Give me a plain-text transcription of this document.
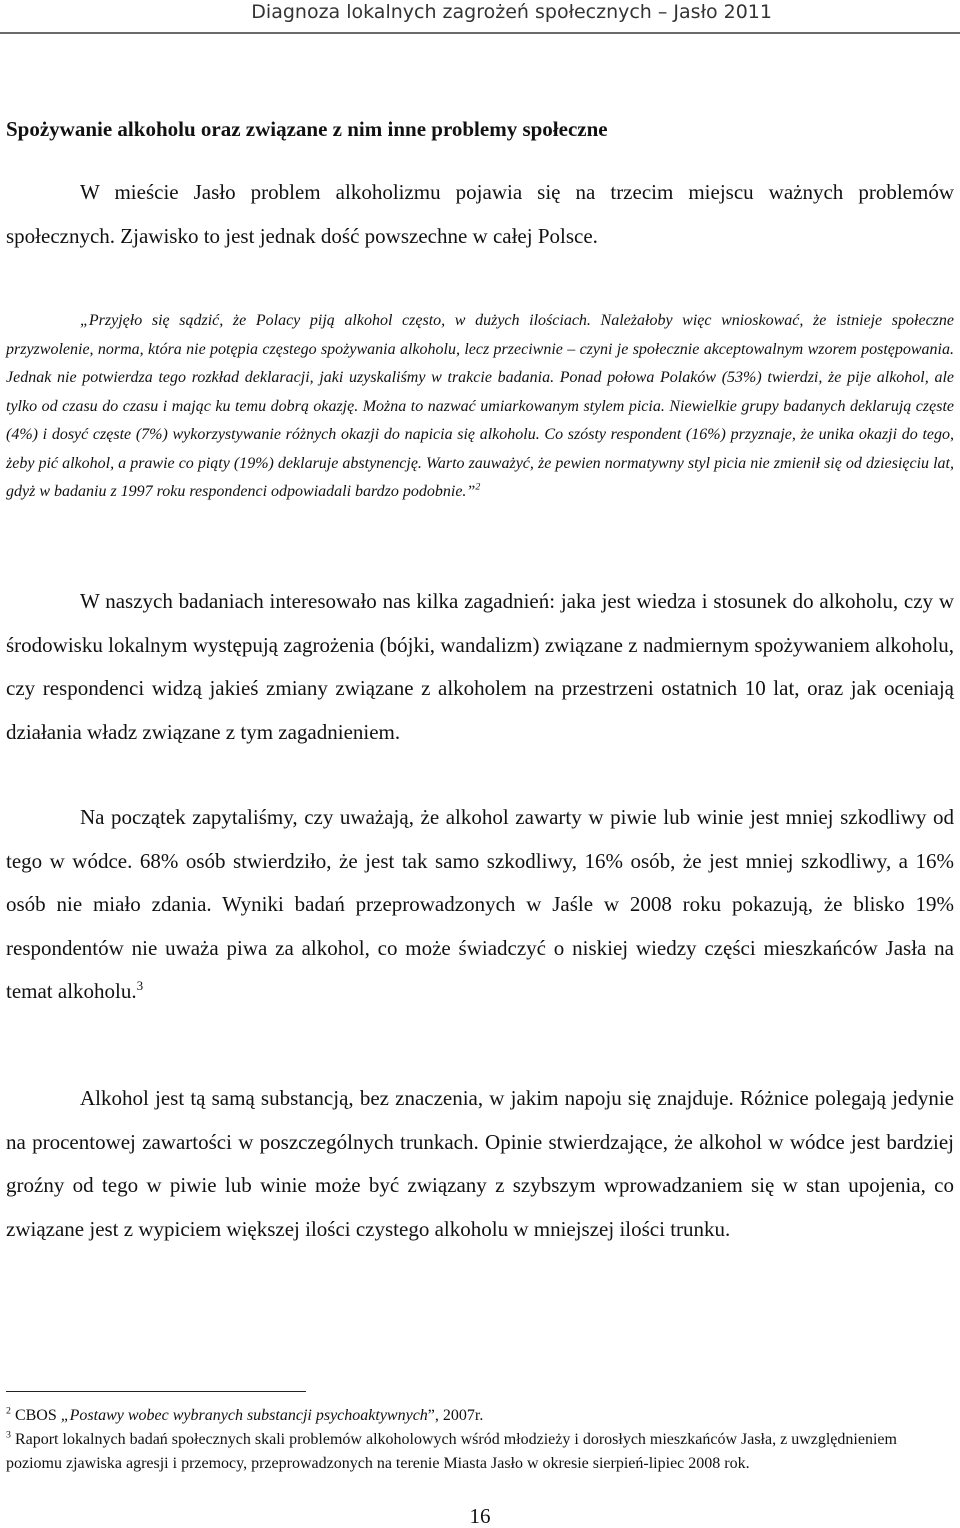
Diagnoza lokalnych zagrożeń społecznych – Jasło 2011
Spożywanie alkoholu oraz związane z nim inne problemy społeczne

W mieście Jasło problem alkoholizmu pojawia się na trzecim miejscu ważnych problemów społecznych. Zjawisko to jest jednak dość powszechne w całej Polsce.

„Przyjęło się sądzić, że Polacy piją alkohol często, w dużych ilościach. Należałoby więc wnioskować, że istnieje społeczne przyzwolenie, norma, która nie potępia częstego spożywania alkoholu, lecz przeciwnie – czyni je społecznie akceptowalnym wzorem postępowania. Jednak nie potwierdza tego rozkład deklaracji, jaki uzyskaliśmy w trakcie badania. Ponad połowa Polaków (53%) twierdzi, że pije alkohol, ale tylko od czasu do czasu i mając ku temu dobrą okazję. Można to nazwać umiarkowanym stylem picia. Niewielkie grupy badanych deklarują częste (4%) i dosyć częste (7%) wykorzystywanie różnych okazji do napicia się alkoholu. Co szósty respondent (16%) przyznaje, że unika okazji do tego, żeby pić alkohol, a prawie co piąty (19%) deklaruje abstynencję. Warto zauważyć, że pewien normatywny styl picia nie zmienił się od dziesięciu lat, gdyż w badaniu z 1997 roku respondenci odpowiadali bardzo podobnie.”$^2$

W naszych badaniach interesowało nas kilka zagadnień: jaka jest wiedza i stosunek do alkoholu, czy w środowisku lokalnym występują zagrożenia (bójki, wandalizm) związane z nadmiernym spożywaniem alkoholu, czy respondenci widzą jakieś zmiany związane z alkoholem na przestrzeni ostatnich 10 lat, oraz jak oceniają działania władz związane z tym zagadnieniem.

Na początek zapytaliśmy, czy uważają, że alkohol zawarty w piwie lub winie jest mniej szkodliwy od tego w wódce. 68% osób stwierdziło, że jest tak samo szkodliwy, 16% osób, że jest mniej szkodliwy, a 16% osób nie miało zdania. Wyniki badań przeprowadzonych w Jaśle w 2008 roku pokazują, że blisko 19% respondentów nie uważa piwa za alkohol, co może świadczyć o niskiej wiedzy części mieszkańców Jasła na temat alkoholu.$^3$

Alkohol jest tą samą substancją, bez znaczenia, w jakim napoju się znajduje. Różnice polegają jedynie na procentowej zawartości w poszczególnych trunkach. Opinie stwierdzające, że alkohol w wódce jest bardziej groźny od tego w piwie lub winie może być związany z szybszym wprowadzaniem się w stan upojenia, co związane jest z wypiciem większej ilości czystego alkoholu w mniejszej ilości trunku.

$^2$ CBOS „Postawy wobec wybranych substancji psychoaktywnych”, 2007r.

$^3$ Raport lokalnych badań społecznych skali problemów alkoholowych wśród młodzieży i dorosłych mieszkańców Jasła, z uwzględnieniem poziomu zjawiska agresji i przemocy, przeprowadzonych na terenie Miasta Jasło w okresie sierpień-lipiec 2008 rok.

16
